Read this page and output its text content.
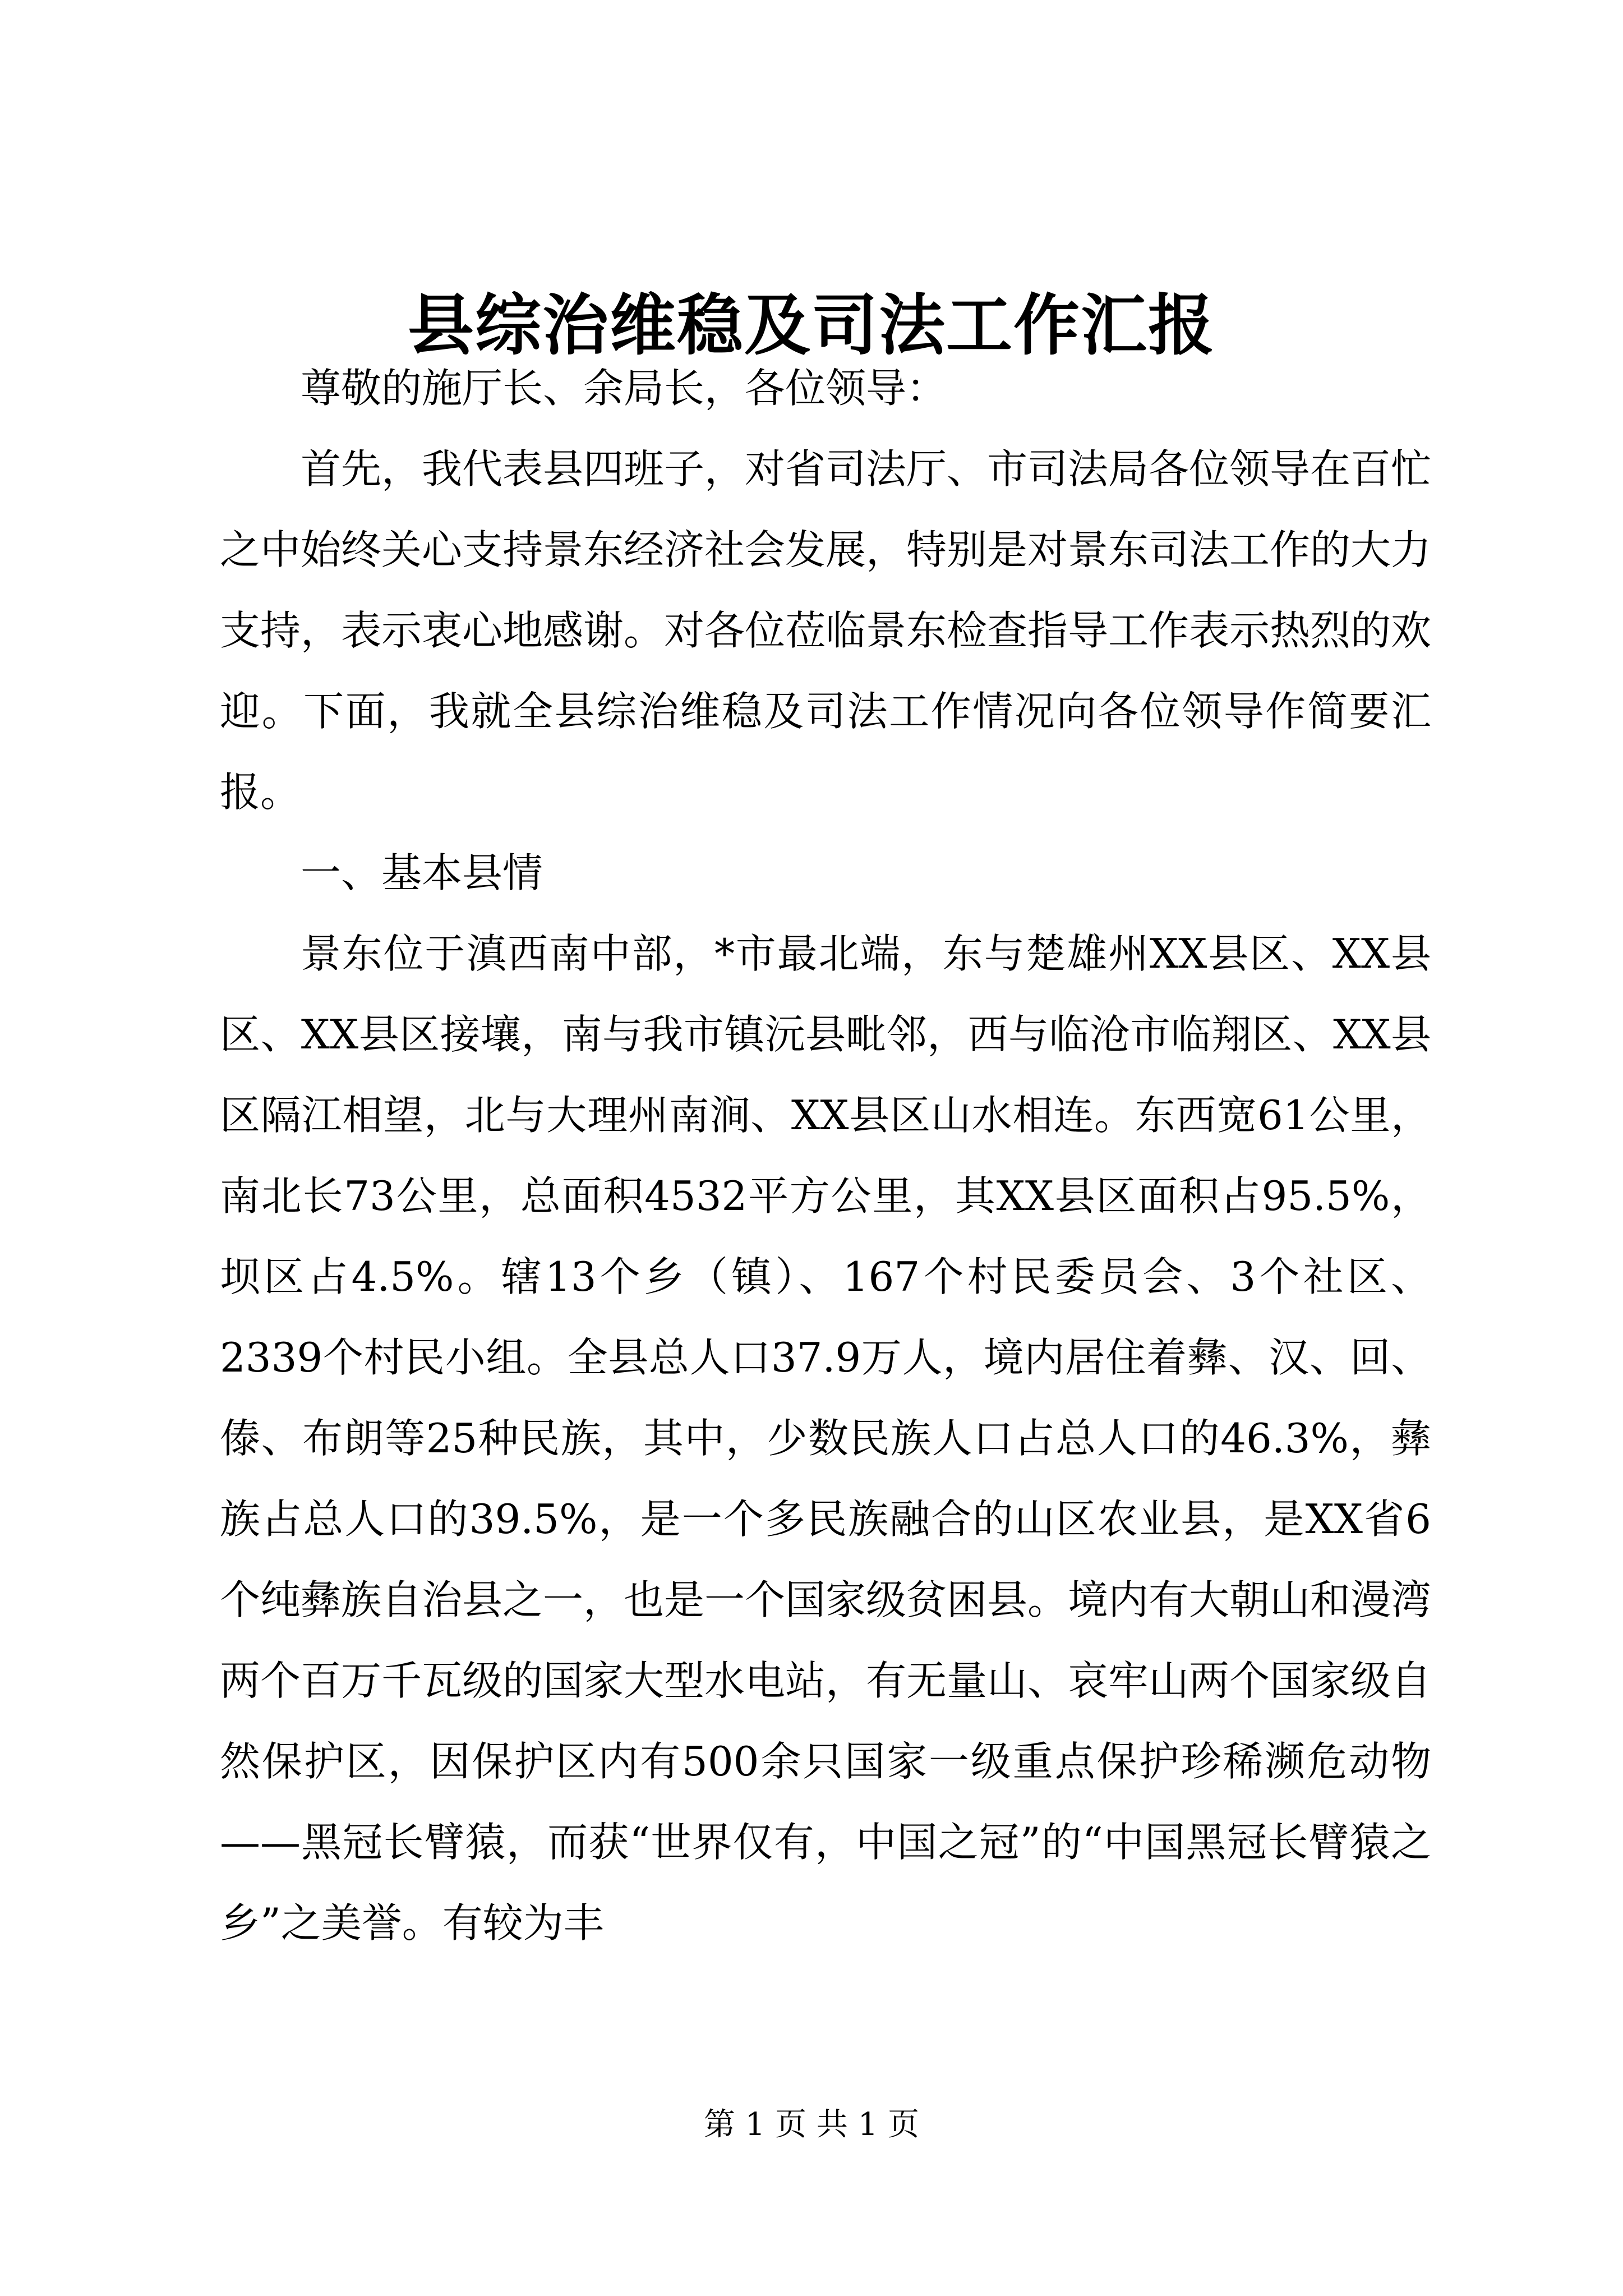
县综治维稳及司法工作汇报

尊敬的施厅长、余局长，各位领导：

首先，我代表县四班子，对省司法厅、市司法局各位领导在百忙之中始终关心支持景东经济社会发展，特别是对景东司法工作的大力支持，表示衷心地感谢。对各位莅临景东检查指导工作表示热烈的欢迎。下面，我就全县综治维稳及司法工作情况向各位领导作简要汇报。

一、基本县情

景东位于滇西南中部，*市最北端，东与楚雄州XX县区、XX县区、XX县区接壤，南与我市镇沅县毗邻，西与临沧市临翔区、XX县区隔江相望，北与大理州南涧、XX县区山水相连。东西宽61公里，南北长73公里，总面积4532平方公里，其XX县区面积占95.5%，坝区占4.5%。辖13个乡（镇）、167个村民委员会、3个社区、2339个村民小组。全县总人口37.9万人，境内居住着彝、汉、回、傣、布朗等25种民族，其中，少数民族人口占总人口的46.3%，彝族占总人口的39.5%，是一个多民族融合的山区农业县，是XX省6个纯彝族自治县之一，也是一个国家级贫困县。境内有大朝山和漫湾两个百万千瓦级的国家大型水电站，有无量山、哀牢山两个国家级自然保护区，因保护区内有500余只国家一级重点保护珍稀濒危动物——黑冠长臂猿，而获“世界仅有，中国之冠”的“中国黑冠长臂猿之乡”之美誉。有较为丰

第 1 页 共 1 页
